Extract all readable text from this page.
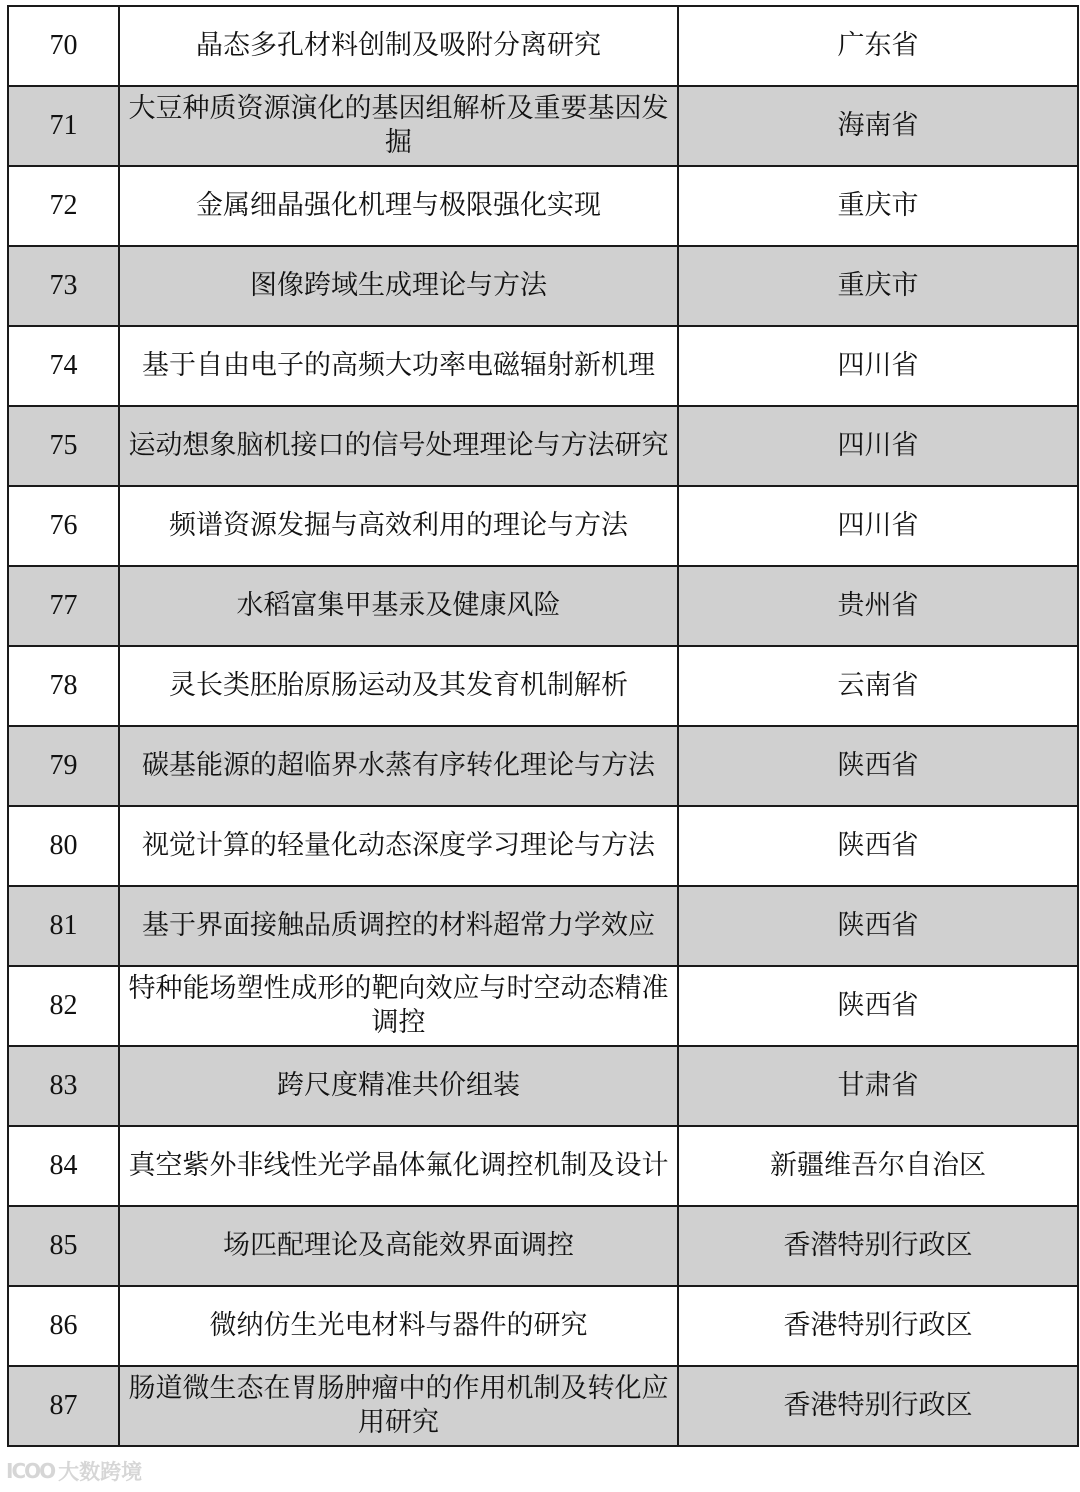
70	晶态多孔材料创制及吸附分离研究	广东省
71	大豆种质资源演化的基因组解析及重要基因发掘	海南省
72	金属细晶强化机理与极限强化实现	重庆市
73	图像跨域生成理论与方法	重庆市
74	基于自由电子的高频大功率电磁辐射新机理	四川省
75	运动想象脑机接口的信号处理理论与方法研究	四川省
76	频谱资源发掘与高效利用的理论与方法	四川省
77	水稻富集甲基汞及健康风险	贵州省
78	灵长类胚胎原肠运动及其发育机制解析	云南省
79	碳基能源的超临界水蒸有序转化理论与方法	陕西省
80	视觉计算的轻量化动态深度学习理论与方法	陕西省
81	基于界面接触品质调控的材料超常力学效应	陕西省
82	特种能场塑性成形的靶向效应与时空动态精准调控	陕西省
83	跨尺度精准共价组装	甘肃省
84	真空紫外非线性光学晶体氟化调控机制及设计	新疆维吾尔自治区
85	场匹配理论及高能效界面调控	香潜特别行政区
86	微纳仿生光电材料与器件的研究	香港特别行政区
87	肠道微生态在胃肠肿瘤中的作用机制及转化应用研究	香港特别行政区
ICOO 大数跨境
